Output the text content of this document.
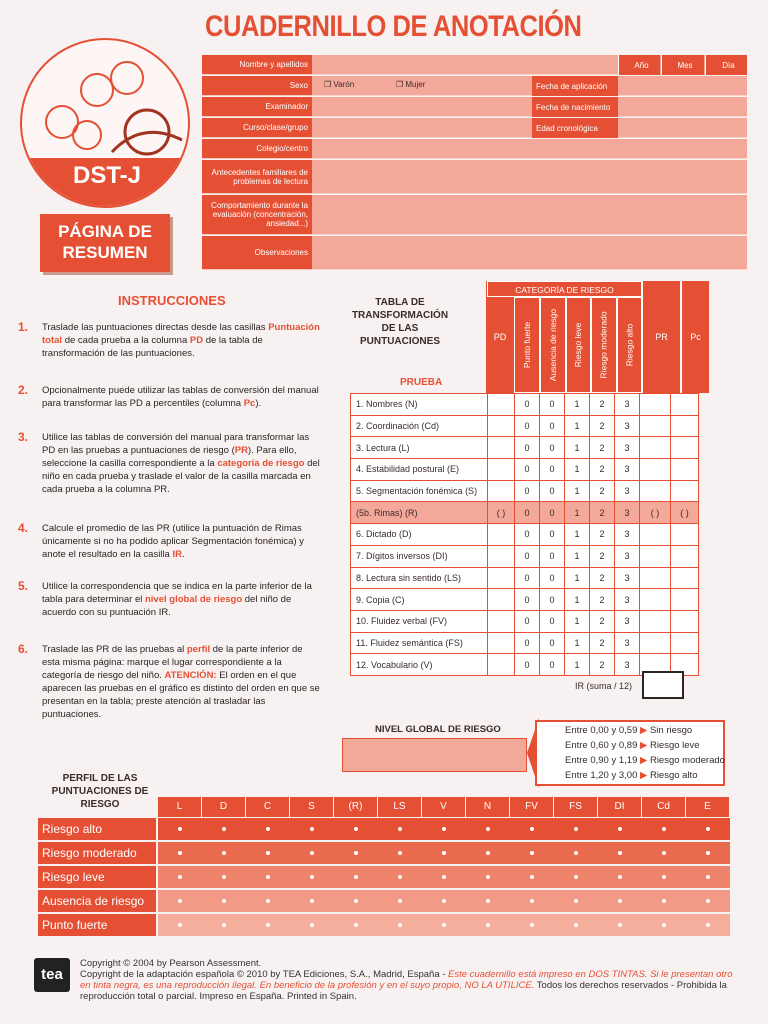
CUADERNILLO DE ANOTACIÓN
DST-J
PÁGINA DE
RESUMEN
Nombre y apellidos	Año	Mes	Día
Sexo	❒ Varón	❒ Mujer	Fecha de aplicación
Examinador	Fecha de nacimiento
Curso/clase/grupo	Edad cronológica
Colegio/centro
Antecedentes familiares de problemas de lectura
Comportamiento durante la evaluación (concentración, ansiedad...)
Observaciones
INSTRUCCIONES
1. Traslade las puntuaciones directas desde las casillas Puntuación total de cada prueba a la columna PD de la tabla de transformación de las puntuaciones.
2. Opcionalmente puede utilizar las tablas de conversión del manual para transformar las PD a percentiles (columna Pc).
3. Utilice las tablas de conversión del manual para transformar las PD en las pruebas a puntuaciones de riesgo (PR). Para ello, seleccione la casilla correspondiente a la categoría de riesgo del niño en cada prueba y traslade el valor de la casilla marcada en cada prueba a la columna PR.
4. Calcule el promedio de las PR (utilice la puntuación de Rimas únicamente si no ha podido aplicar Segmentación fonémica) y anote el resultado en la casilla IR.
5. Utilice la correspondencia que se indica en la parte inferior de la tabla para determinar el nivel global de riesgo del niño de acuerdo con su puntuación IR.
6. Traslade las PR de las pruebas al perfil de la parte inferior de esta misma página: marque el lugar correspondiente a la categoría de riesgo del niño. ATENCIÓN: El orden en el que aparecen las pruebas en el gráfico es distinto del orden en que se presentan en la tabla; preste atención al trasladar las puntuaciones.
TABLA DE TRANSFORMACIÓN DE LAS PUNTUACIONES
PRUEBA
PD
CATEGORÍA DE RIESGO
Punto fuerte Ausencia de riesgo Riesgo leve Riesgo moderado Riesgo alto	PR	Pc
1. Nombres (N)		0	0	1	2	3		
2. Coordinación (Cd)		0	0	1	2	3		
3. Lectura (L)		0	0	1	2	3		
4. Estabilidad postural (E)		0	0	1	2	3		
5. Segmentación fonémica (S)		0	0	1	2	3		
(5b. Rimas) (R)	( )	0	0	1	2	3	( )	( )
6. Dictado (D)		0	0	1	2	3		
7. Dígitos inversos (DI)		0	0	1	2	3		
8. Lectura sin sentido (LS)		0	0	1	2	3		
9. Copia (C)		0	0	1	2	3		
10. Fluidez verbal (FV)		0	0	1	2	3		
11. Fluidez semántica (FS)		0	0	1	2	3		
12. Vocabulario (V)		0	0	1	2	3		
IR (suma / 12)
NIVEL GLOBAL DE RIESGO	Entre 0,00 y 0,59 ▶ Sin riesgo
Entre 0,60 y 0,89 ▶ Riesgo leve
Entre 0,90 y 1,19 ▶ Riesgo moderado
Entre 1,20 y 3,00 ▶ Riesgo alto
PERFIL DE LAS PUNTUACIONES DE RIESGO	L	D	C	S	(R)	LS	V	N	FV	FS	DI	Cd	E
Riesgo alto
Riesgo moderado
Riesgo leve
Ausencia de riesgo
Punto fuerte
tea
Copyright © 2004 by Pearson Assessment.
Copyright de la adaptación española © 2010 by TEA Ediciones, S.A., Madrid, España - Este cuadernillo está impreso en DOS TINTAS. Si le presentan otro en tinta negra, es una reproducción ilegal. En beneficio de la profesión y en el suyo propio, NO LA UTILICE. Todos los derechos reservados - Prohibida la reproducción total o parcial. Impreso en España. Printed in Spain.
